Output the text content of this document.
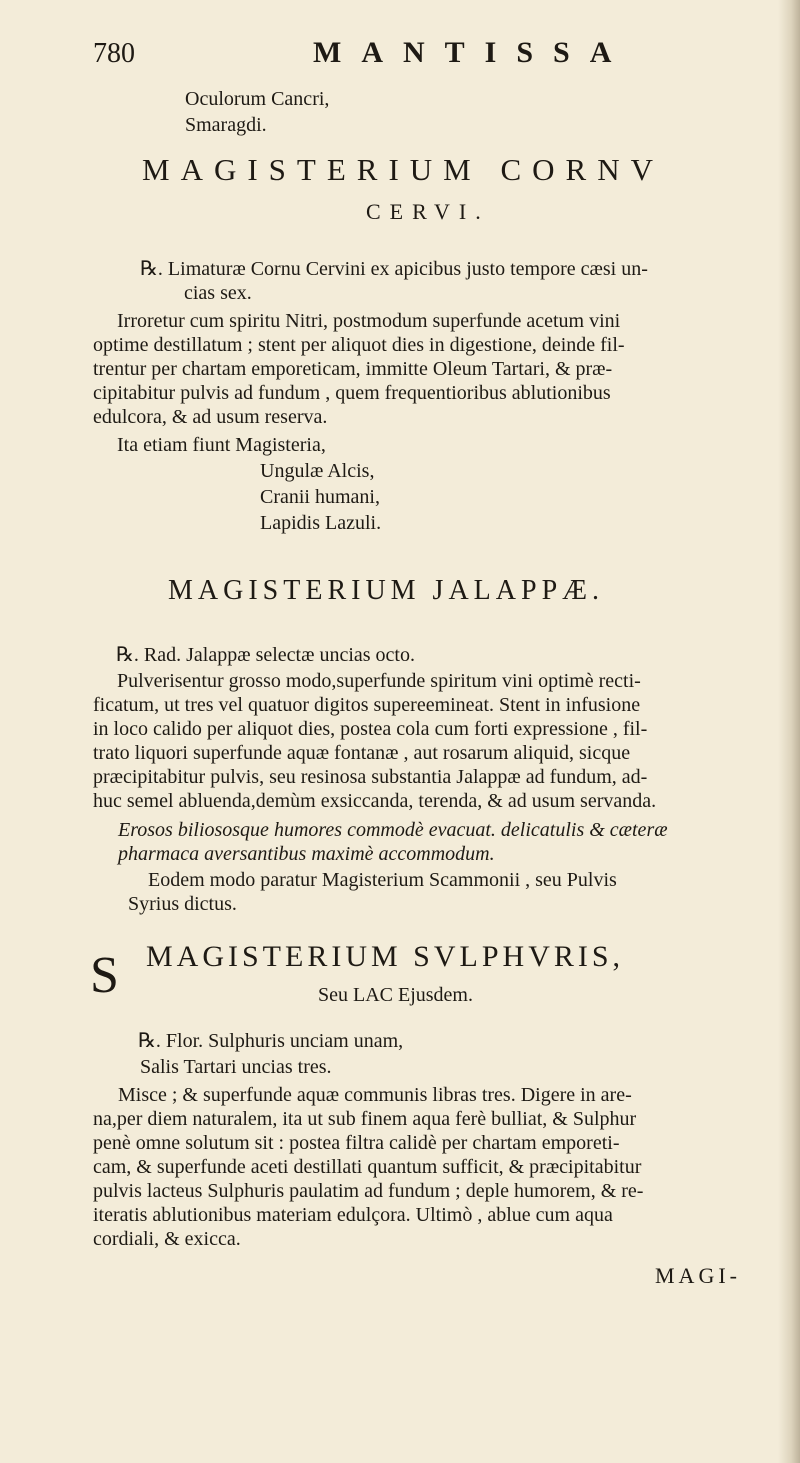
780	MANTISSA
Oculorum Cancri,
Smaragdi.
MAGISTERIUM CORNV
CERVI.
℞. Limaturæ Cornu Cervini ex apicibus justo tempore cæsi un-
cias sex.
Irroretur cum spiritu Nitri, postmodum superfunde acetum vini
optime destillatum ; stent per aliquot dies in digestione, deinde fil-
trentur per chartam emporeticam, immitte Oleum Tartari, & præ-
cipitabitur pulvis ad fundum , quem frequentioribus ablutionibus
edulcora, & ad usum reserva.
Ita etiam fiunt Magisteria,
Ungulæ Alcis,
Cranii humani,
Lapidis Lazuli.
MAGISTERIUM JALAPPÆ.
℞. Rad. Jalappæ selectæ uncias octo.
Pulverisentur grosso modo,superfunde spiritum vini optimè recti-
ficatum, ut tres vel quatuor digitos supereemineat. Stent in infusione
in loco calido per aliquot dies, postea cola cum forti expressione , fil-
trato liquori superfunde aquæ fontanæ , aut rosarum aliquid, sicque
præcipitabitur pulvis, seu resinosa substantia Jalappæ ad fundum, ad-
huc semel abluenda,demùm exsiccanda, terenda, & ad usum servanda.
S
Erosos biliososque humores commodè evacuat. delicatulis & cæteræ
pharmaca aversantibus maximè accommodum.
Eodem modo paratur Magisterium Scammonii , seu Pulvis
Syrius dictus.
MAGISTERIUM SVLPHVRIS,
Seu LAC Ejusdem.
℞. Flor. Sulphuris unciam unam,
Salis Tartari uncias tres.
Misce ; & superfunde aquæ communis libras tres. Digere in are-
na,per diem naturalem, ita ut sub finem aqua ferè bulliat, & Sulphur
penè omne solutum sit : postea filtra calidè per chartam emporeti-
cam, & superfunde aceti destillati quantum sufficit, & præcipitabitur
pulvis lacteus Sulphuris paulatim ad fundum ; deple humorem, & re-
iteratis ablutionibus materiam edulçora. Ultimò , ablue cum aqua
cordiali, & exicca.
MAGI-
